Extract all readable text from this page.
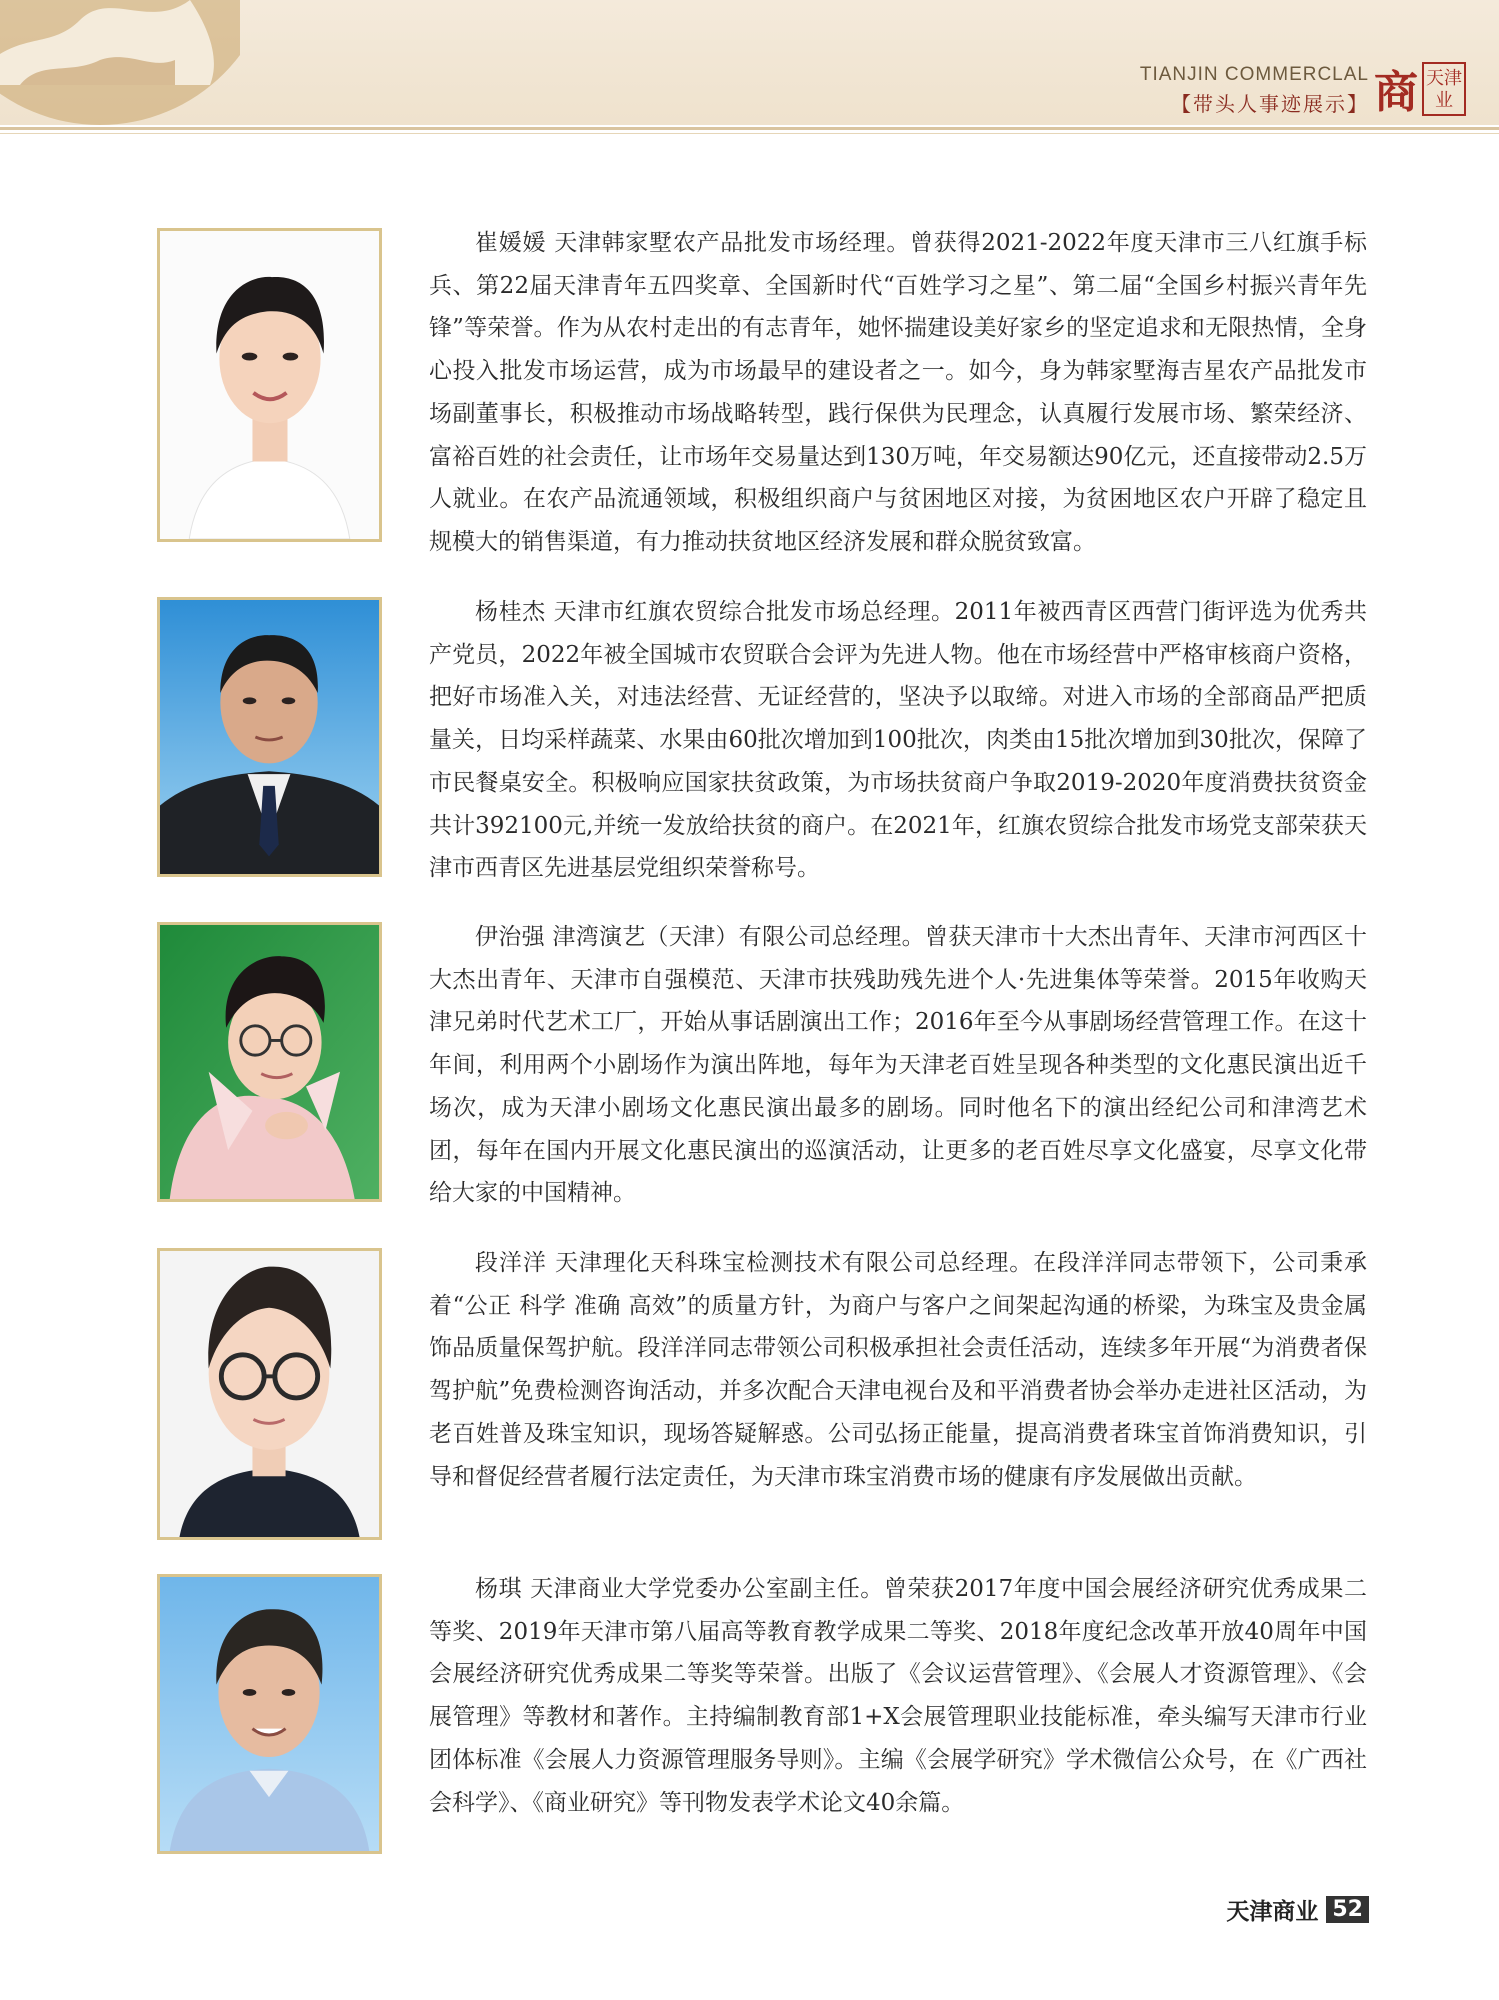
TIANJIN COMMERCLAL
【带头人事迹展示】 商 天津业

崔媛媛 天津韩家墅农产品批发市场经理。曾获得2021-2022年度天津市三八红旗手标兵、第22届天津青年五四奖章、全国新时代“百姓学习之星”、第二届“全国乡村振兴青年先锋”等荣誉。作为从农村走出的有志青年，她怀揣建设美好家乡的坚定追求和无限热情，全身心投入批发市场运营，成为市场最早的建设者之一。如今，身为韩家墅海吉星农产品批发市场副董事长，积极推动市场战略转型，践行保供为民理念，认真履行发展市场、繁荣经济、富裕百姓的社会责任，让市场年交易量达到130万吨，年交易额达90亿元，还直接带动2.5万人就业。在农产品流通领域，积极组织商户与贫困地区对接，为贫困地区农户开辟了稳定且规模大的销售渠道，有力推动扶贫地区经济发展和群众脱贫致富。

杨桂杰 天津市红旗农贸综合批发市场总经理。2011年被西青区西营门街评选为优秀共产党员，2022年被全国城市农贸联合会评为先进人物。他在市场经营中严格审核商户资格，把好市场准入关，对违法经营、无证经营的，坚决予以取缔。对进入市场的全部商品严把质量关，日均采样蔬菜、水果由60批次增加到100批次，肉类由15批次增加到30批次，保障了市民餐桌安全。积极响应国家扶贫政策，为市场扶贫商户争取2019-2020年度消费扶贫资金共计392100元,并统一发放给扶贫的商户。在2021年，红旗农贸综合批发市场党支部荣获天津市西青区先进基层党组织荣誉称号。

伊治强 津湾演艺（天津）有限公司总经理。曾获天津市十大杰出青年、天津市河西区十大杰出青年、天津市自强模范、天津市扶残助残先进个人·先进集体等荣誉。2015年收购天津兄弟时代艺术工厂，开始从事话剧演出工作；2016年至今从事剧场经营管理工作。在这十年间，利用两个小剧场作为演出阵地，每年为天津老百姓呈现各种类型的文化惠民演出近千场次，成为天津小剧场文化惠民演出最多的剧场。同时他名下的演出经纪公司和津湾艺术团，每年在国内开展文化惠民演出的巡演活动，让更多的老百姓尽享文化盛宴，尽享文化带给大家的中国精神。

段洋洋 天津理化天科珠宝检测技术有限公司总经理。在段洋洋同志带领下，公司秉承着“公正 科学 准确 高效”的质量方针，为商户与客户之间架起沟通的桥梁，为珠宝及贵金属饰品质量保驾护航。段洋洋同志带领公司积极承担社会责任活动，连续多年开展“为消费者保驾护航”免费检测咨询活动，并多次配合天津电视台及和平消费者协会举办走进社区活动，为老百姓普及珠宝知识，现场答疑解惑。公司弘扬正能量，提高消费者珠宝首饰消费知识，引导和督促经营者履行法定责任，为天津市珠宝消费市场的健康有序发展做出贡献。

杨琪 天津商业大学党委办公室副主任。曾荣获2017年度中国会展经济研究优秀成果二等奖、2019年天津市第八届高等教育教学成果二等奖、2018年度纪念改革开放40周年中国会展经济研究优秀成果二等奖等荣誉。出版了《会议运营管理》、《会展人才资源管理》、《会展管理》等教材和著作。主持编制教育部1+X会展管理职业技能标准，牵头编写天津市行业团体标准《会展人力资源管理服务导则》。主编《会展学研究》学术微信公众号，在《广西社会科学》、《商业研究》等刊物发表学术论文40余篇。

天津商业 52
